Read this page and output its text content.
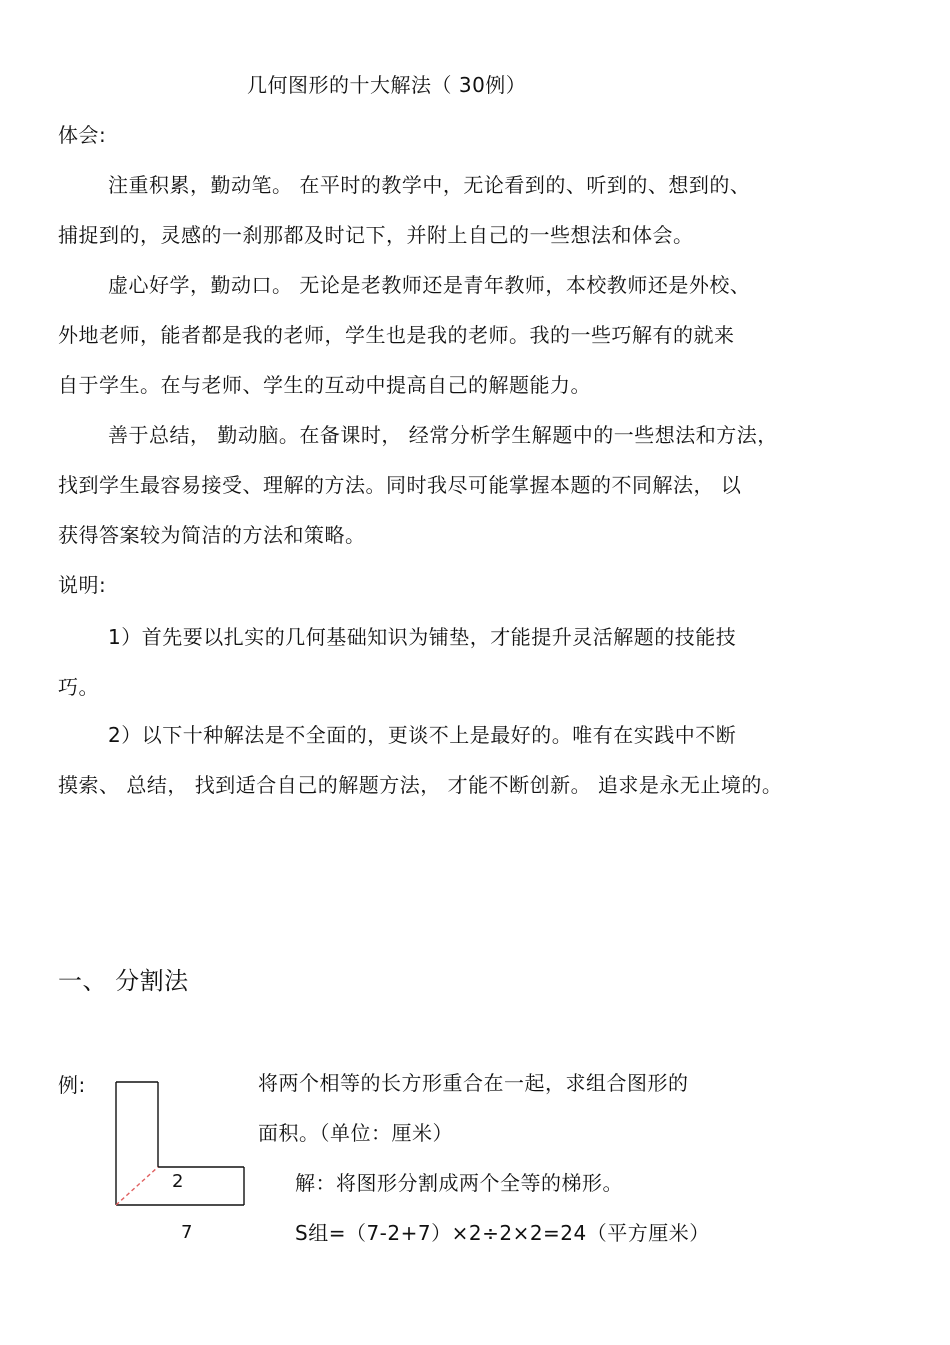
几何图形的十大解法（ 30例）
体会:
注重积累，勤动笔。 在平时的教学中，无论看到的、听到的、想到的、
捕捉到的，灵感的一刹那都及时记下，并附上自己的一些想法和体会。
虚心好学，勤动口。 无论是老教师还是青年教师，本校教师还是外校、
外地老师，能者都是我的老师，学生也是我的老师。我的一些巧解有的就来
自于学生。在与老师、学生的互动中提高自己的解题能力。
善于总结， 勤动脑。在备课时， 经常分析学生解题中的一些想法和方法，
找到学生最容易接受、理解的方法。同时我尽可能掌握本题的不同解法， 以
获得答案较为简洁的方法和策略。
说明:
1）首先要以扎实的几何基础知识为铺垫，才能提升灵活解题的技能技
巧。
2）以下十种解法是不全面的，更谈不上是最好的。唯有在实践中不断
摸索、 总结， 找到适合自己的解题方法， 才能不断创新。 追求是永无止境的。
一、 分割法
例:
2
7
将两个相等的长方形重合在一起，求组合图形的
面积。（单位：厘米）
解：将图形分割成两个全等的梯形。
S组=（7-2+7）×2÷2×2=24（平方厘米）
